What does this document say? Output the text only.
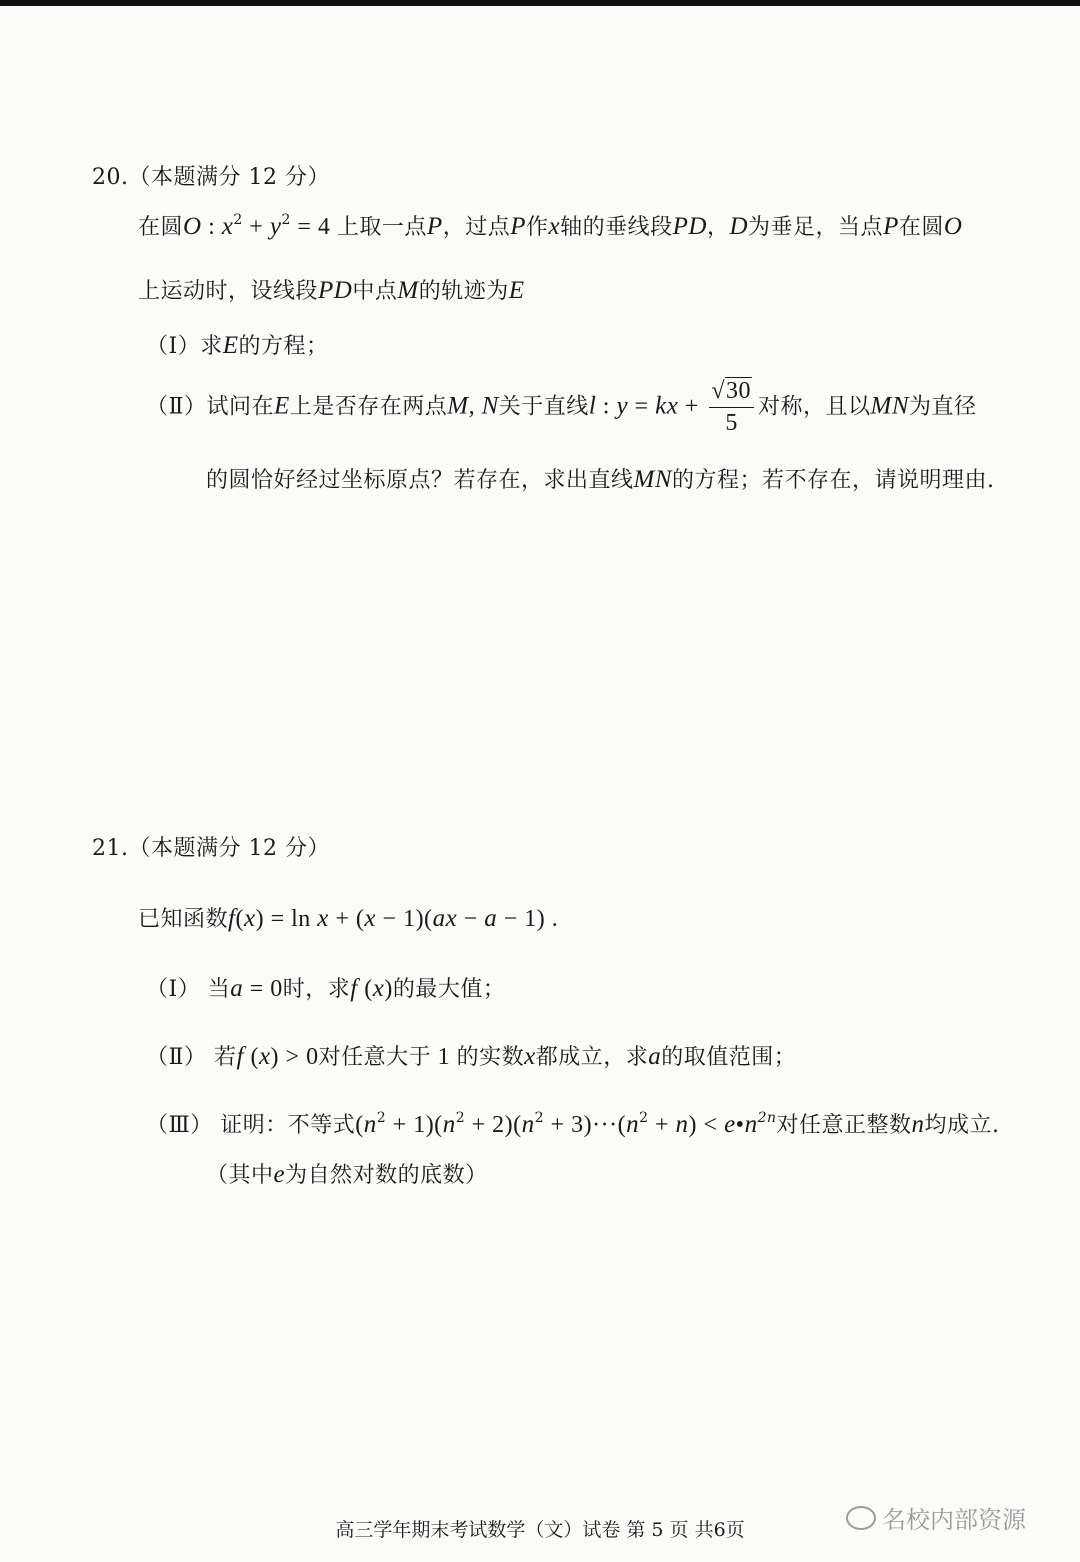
20.（本题满分 12 分）
在圆O : $x^2 + y^2 = 4$ 上取一点P，过点P作x轴的垂线段PD，D为垂足，当点P在圆O
上运动时，设线段PD中点M的轨迹为E
（Ⅰ）求E的方程；
（Ⅱ）试问在E上是否存在两点M, N关于直线l : y = kx + $\frac{√30}{5}$ 对称，且以MN为直径
的圆恰好经过坐标原点？若存在，求出直线MN的方程；若不存在，请说明理由.
21.（本题满分 12 分）
已知函数f(x) = ln x + (x − 1)(ax − a − 1) .
（Ⅰ） 当a = 0时，求f (x)的最大值；
（Ⅱ） 若f (x) > 0对任意大于 1 的实数x都成立，求a的取值范围；
（Ⅲ） 证明：不等式$(n^2 + 1)(n^2 + 2)(n^2 + 3)\cdot\cdot\cdot(n^2 + n)$ < $e•n^{2n}$对任意正整数n均成立.
（其中e为自然对数的底数）
高三学年期末考试数学（文）试卷 第 5 页 共6页	名校内部资源
